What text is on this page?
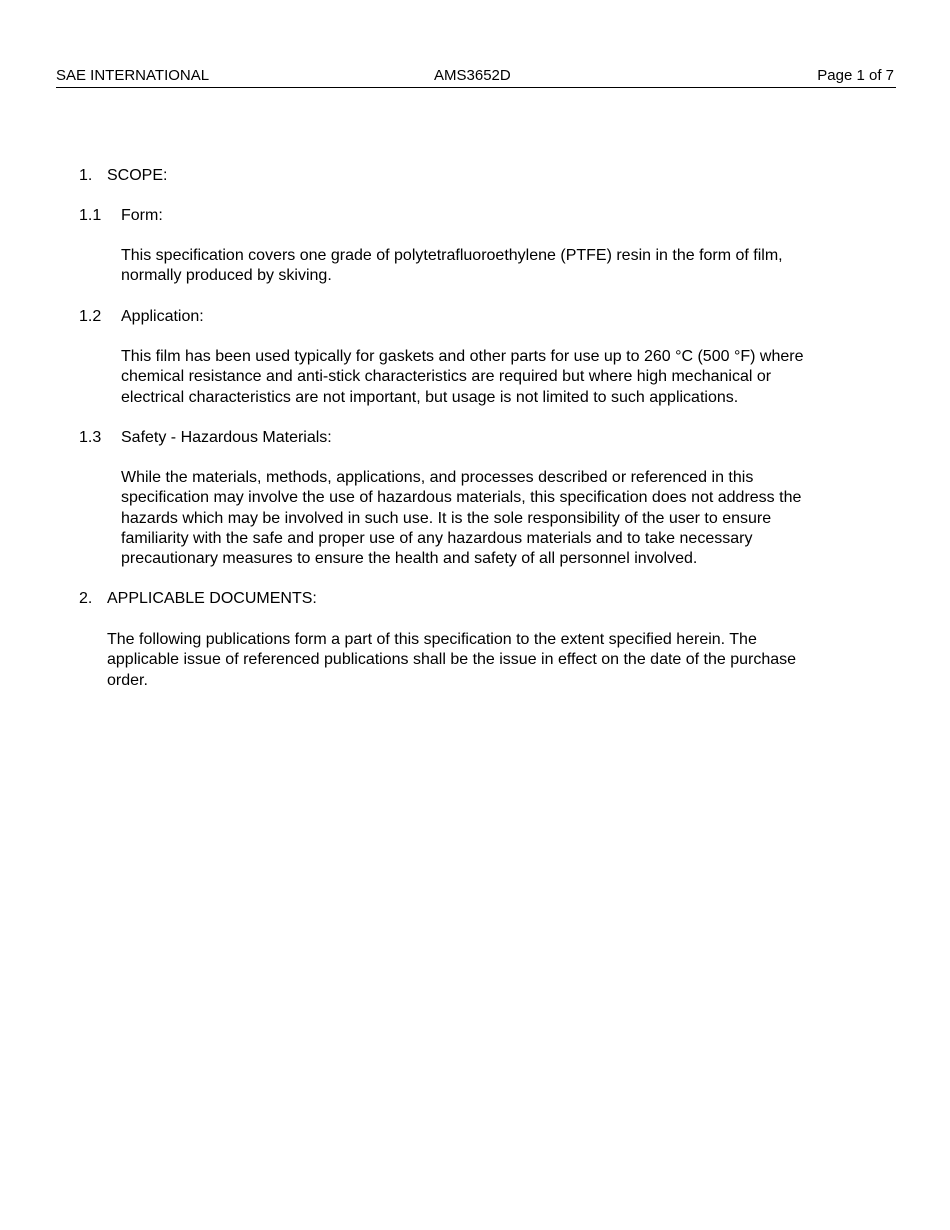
SAE INTERNATIONAL	AMS3652D	Page 1 of 7
1. SCOPE:
1.1 Form:
This specification covers one grade of polytetrafluoroethylene (PTFE) resin in the form of film,
normally produced by skiving.
1.2 Application:
This film has been used typically for gaskets and other parts for use up to 260 °C (500 °F) where
chemical resistance and anti-stick characteristics are required but where high mechanical or
electrical characteristics are not important, but usage is not limited to such applications.
1.3 Safety - Hazardous Materials:
While the materials, methods, applications, and processes described or referenced in this
specification may involve the use of hazardous materials, this specification does not address the
hazards which may be involved in such use. It is the sole responsibility of the user to ensure
familiarity with the safe and proper use of any hazardous materials and to take necessary
precautionary measures to ensure the health and safety of all personnel involved.
2. APPLICABLE DOCUMENTS:
The following publications form a part of this specification to the extent specified herein. The
applicable issue of referenced publications shall be the issue in effect on the date of the purchase
order.
